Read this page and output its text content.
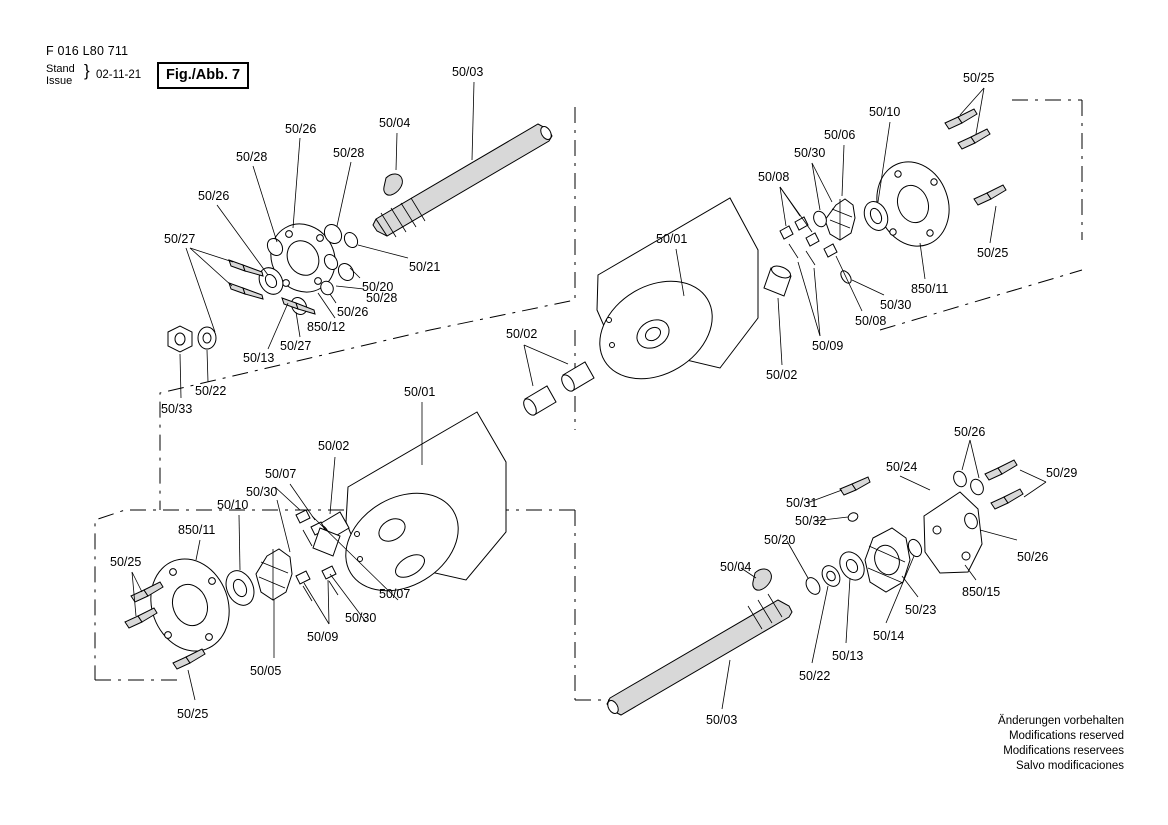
F 016 L80 711
Stand
Issue
} 02-11-21	Fig./Abb. 7
Änderungen vorbehalten
Modifications reserved
Modifications reservees
Salvo modificaciones
50/03	50/25
50/04
50/10
50/06
50/26
50/28	50/30
50/28
50/08
50/26
50/25
50/27	50/01
50/21
50/20	850/11
50/28	50/30
50/26
50/08
850/12	50/02
50/09
50/13
50/27
50/02
50/22
50/33
50/01
50/26
50/02
50/24	50/29
50/07
50/30
50/31
50/10
50/32
850/11
50/26
50/20
50/25	50/04
850/15
50/07
50/30
50/23
50/09	50/14
50/13
50/05	50/22
50/25	50/03
